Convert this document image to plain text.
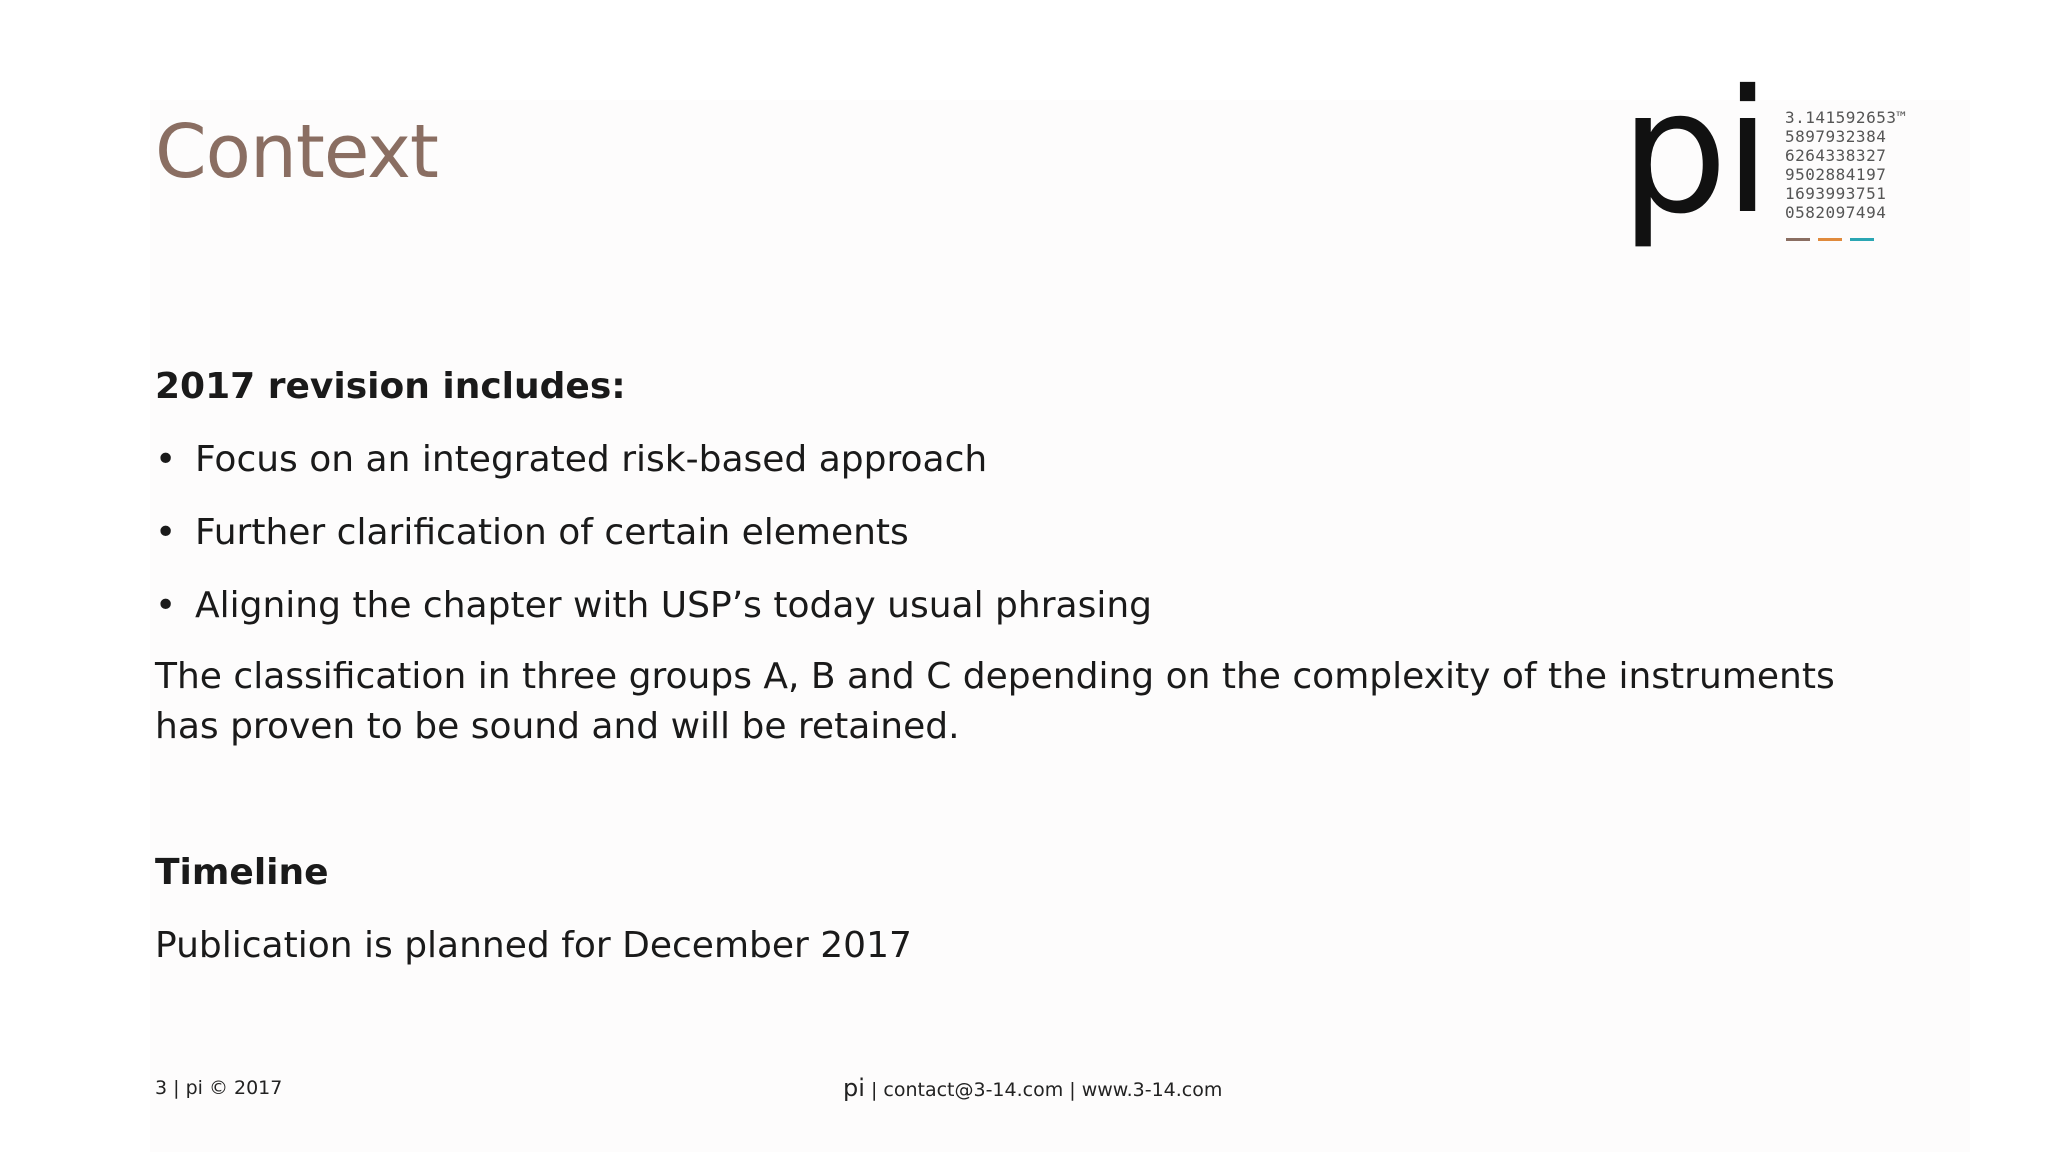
Context	pi 3.141592653™
5897932384
6264338327
9502884197
1693993751
0582097494
2017 revision includes:
• Focus on an integrated risk-based approach
• Further clarification of certain elements
• Aligning the chapter with USP’s today usual phrasing
The classification in three groups A, B and C depending on the complexity of the instruments has proven to be sound and will be retained.
Timeline
Publication is planned for December 2017
3 | pi © 2017	pi | contact@3-14.com | www.3-14.com
